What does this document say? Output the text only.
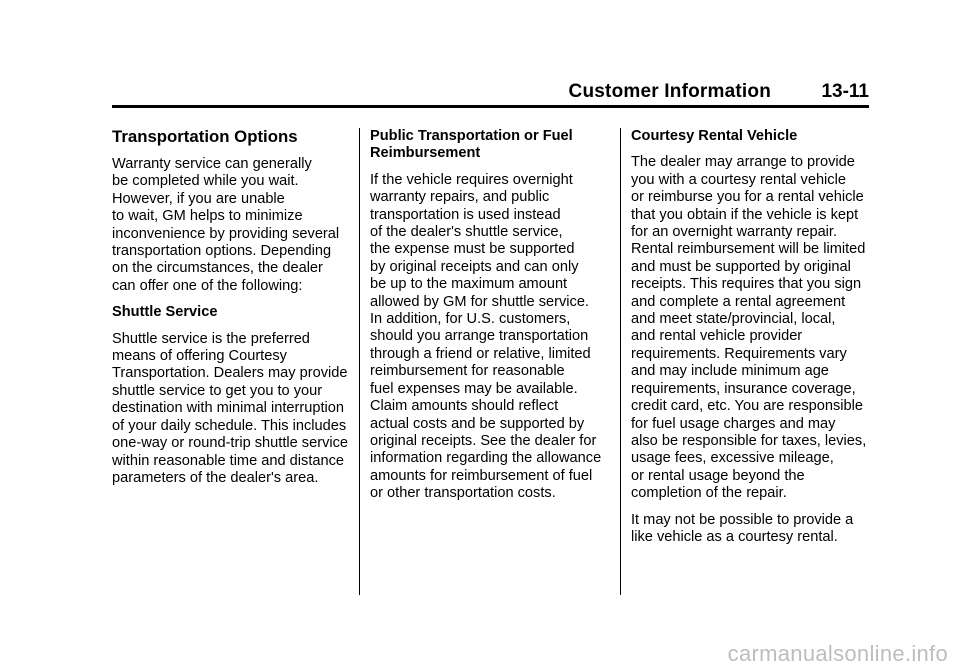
Customer Information	13-11
Transportation Options

Warranty service can generally
be completed while you wait.
However, if you are unable
to wait, GM helps to minimize
inconvenience by providing several
transportation options. Depending
on the circumstances, the dealer
can offer one of the following:

Shuttle Service

Shuttle service is the preferred
means of offering Courtesy
Transportation. Dealers may provide
shuttle service to get you to your
destination with minimal interruption
of your daily schedule. This includes
one-way or round-trip shuttle service
within reasonable time and distance
parameters of the dealer's area.

Public Transportation or Fuel
Reimbursement

If the vehicle requires overnight
warranty repairs, and public
transportation is used instead
of the dealer's shuttle service,
the expense must be supported
by original receipts and can only
be up to the maximum amount
allowed by GM for shuttle service.
In addition, for U.S. customers,
should you arrange transportation
through a friend or relative, limited
reimbursement for reasonable
fuel expenses may be available.
Claim amounts should reflect
actual costs and be supported by
original receipts. See the dealer for
information regarding the allowance
amounts for reimbursement of fuel
or other transportation costs.

Courtesy Rental Vehicle

The dealer may arrange to provide
you with a courtesy rental vehicle
or reimburse you for a rental vehicle
that you obtain if the vehicle is kept
for an overnight warranty repair.
Rental reimbursement will be limited
and must be supported by original
receipts. This requires that you sign
and complete a rental agreement
and meet state/provincial, local,
and rental vehicle provider
requirements. Requirements vary
and may include minimum age
requirements, insurance coverage,
credit card, etc. You are responsible
for fuel usage charges and may
also be responsible for taxes, levies,
usage fees, excessive mileage,
or rental usage beyond the
completion of the repair.

It may not be possible to provide a
like vehicle as a courtesy rental.

carmanualsonline.info
